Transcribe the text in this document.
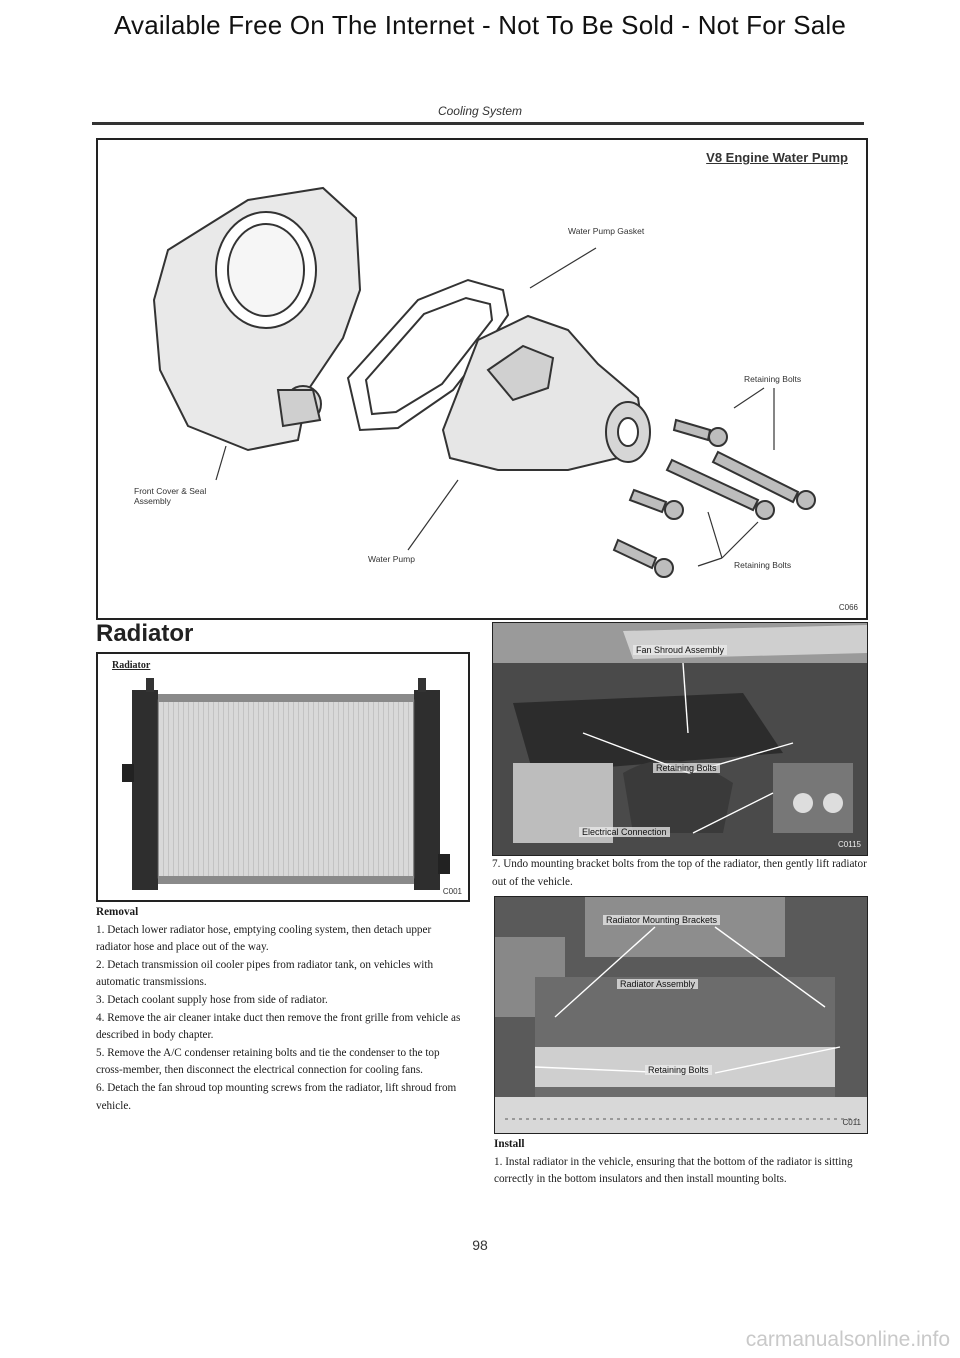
Available Free On The Internet - Not To Be Sold - Not For Sale
Cooling System
V8 Engine Water Pump
Water Pump Gasket
Retaining Bolts
Front Cover & Seal Assembly
Water Pump
Retaining Bolts
C066
Radiator
Radiator
C001
Fan Shroud Assembly
Retaining Bolts
Electrical Connection
C0115
7. Undo mounting bracket bolts from the top of the radiator, then gently lift radiator out of the vehicle.
Radiator Mounting Brackets
Radiator Assembly
Retaining Bolts
C011

Removal

1. Detach lower radiator hose, emptying cooling system, then detach upper radiator hose and place out of the way.

2. Detach transmission oil cooler pipes from radiator tank, on vehicles with automatic transmissions.

3. Detach coolant supply hose from side of radiator.

4. Remove the air cleaner intake duct then remove the front grille from vehicle as described in body chapter.

5. Remove the A/C condenser retaining bolts and tie the condenser to the top cross-member, then disconnect the electrical connection for cooling fans.

6. Detach the fan shroud top mounting screws from the radiator, lift shroud from vehicle.

Install

1. Instal radiator in the vehicle, ensuring that the bottom of the radiator is sitting correctly in the bottom insulators and then install mounting bolts.

98
carmanualsonline.info
